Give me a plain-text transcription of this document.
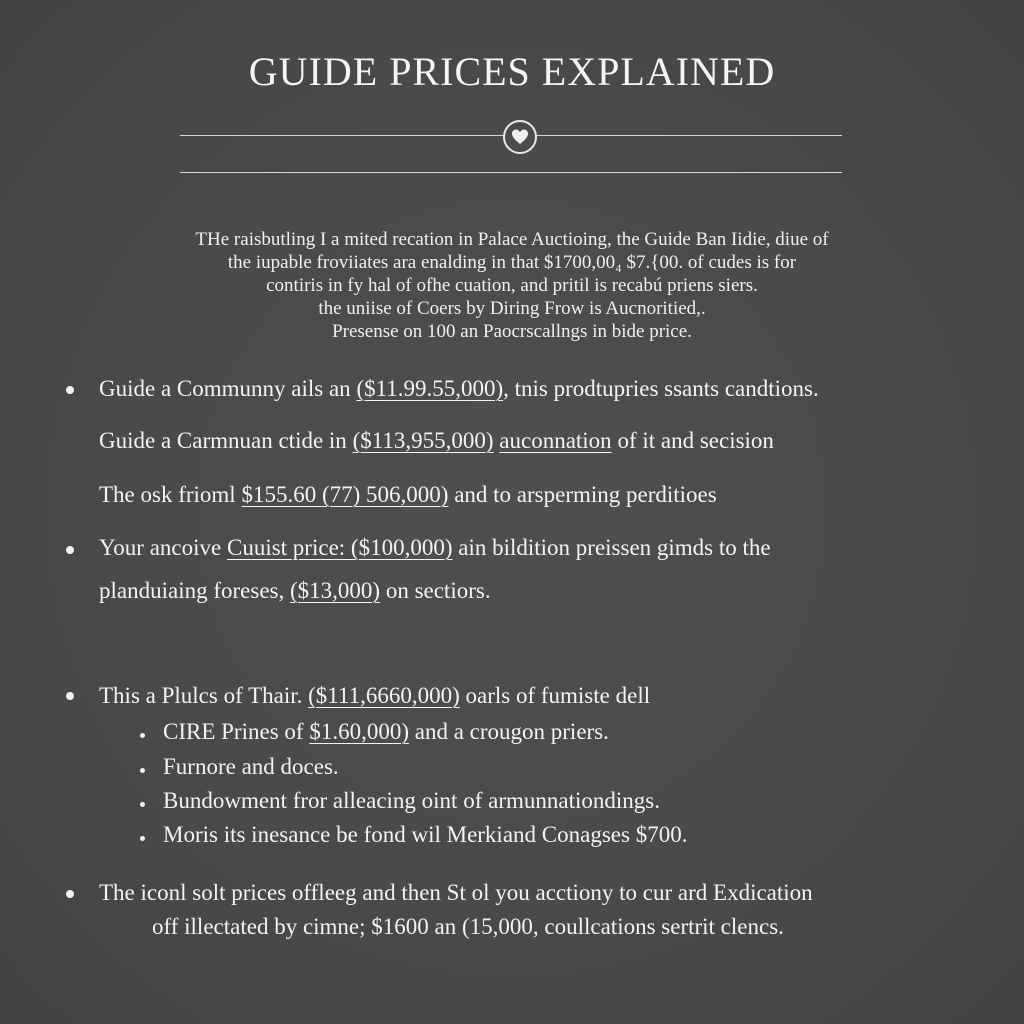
GUIDE PRICES EXPLAINED
THe raisbutling I a mited recation in Palace Auctioing, the Guide Ban Iidie, diue of
the iupable froviiates ara enalding in that $1700,00₄ $7.{00. of cudes is for
contiris in fy hal of ofhe cuation, and pritil is recabú priens siers.
the uniise of Coers by Diring Frow is Aucnoritied,.
Presense on 100 an Paocrscallngs in bide price.
Guide a Communny ails an ($11.99.55,000), tnis prodtupries ssants candtions.
Guide a Carmnuan ctide in ($113,955,000) auconnation of it and secision
The osk frioml $155.60 (77) 506,000) and to arsperming perditioes
Your ancoive Cuuist price: ($100,000) ain bildition preissen gimds to the
planduiaing foreses, ($13,000) on sectiors.
This a Plulcs of Thair. ($111,6660,000) oarls of fumiste dell
CIRE Prines of $1.60,000) and a crougon priers.
Furnore and doces.
Bundowment fror alleacing oint of armunnationdings.
Moris its inesance be fond wil Merkiand Conagses $700.
The iconl solt prices offleeg and then St ol you acctiony to cur ard Exdication
off illectated by cimne; $1600 an (15,000, coullcations sertrit clencs.
